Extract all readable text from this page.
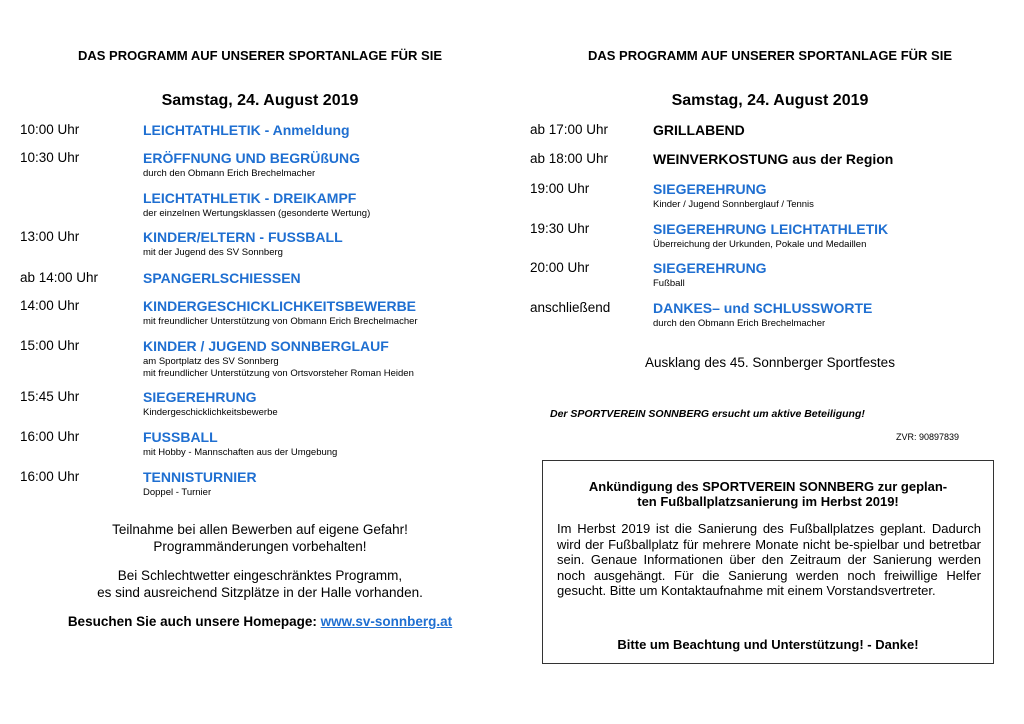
DAS PROGRAMM AUF UNSERER SPORTANLAGE FÜR SIE
Samstag, 24. August 2019
10:00 Uhr	LEICHTATHLETIK - Anmeldung
10:30 Uhr	ERÖFFNUNG UND BEGRÜßUNG
durch den Obmann Erich Brechelmacher
LEICHTATHLETIK - DREIKAMPF
der einzelnen Wertungsklassen (gesonderte Wertung)
13:00 Uhr	KINDER/ELTERN - FUSSBALL
mit der Jugend des SV Sonnberg
ab 14:00 Uhr	SPANGERLSCHIESSEN
14:00 Uhr	KINDERGESCHICKLICHKEITSBEWERBE
mit freundlicher Unterstützung von Obmann Erich Brechelmacher
15:00 Uhr	KINDER / JUGEND SONNBERGLAUF
am Sportplatz des SV Sonnberg
mit freundlicher Unterstützung von Ortsvorsteher Roman Heiden
15:45 Uhr	SIEGEREHRUNG
Kindergeschicklichkeitsbewerbe
16:00 Uhr	FUSSBALL
mit Hobby - Mannschaften aus der Umgebung
16:00 Uhr	TENNISTURNIER
Doppel - Turnier
Teilnahme bei allen Bewerben auf eigene Gefahr!
Programmänderungen vorbehalten!
Bei Schlechtwetter eingeschränktes Programm,
es sind ausreichend Sitzplätze in der Halle vorhanden.
Besuchen Sie auch unsere Homepage: www.sv-sonnberg.at
DAS PROGRAMM AUF UNSERER SPORTANLAGE FÜR SIE
Samstag, 24. August 2019
ab 17:00 Uhr	GRILLABEND
ab 18:00 Uhr	WEINVERKOSTUNG aus der Region
19:00 Uhr	SIEGEREHRUNG
Kinder / Jugend Sonnberglauf / Tennis
19:30 Uhr	SIEGEREHRUNG LEICHTATHLETIK
Überreichung der Urkunden, Pokale und Medaillen
20:00 Uhr	SIEGEREHRUNG
Fußball
anschließend	DANKES– und SCHLUSSWORTE
durch den Obmann Erich Brechelmacher
Ausklang des 45. Sonnberger Sportfestes
Der SPORTVEREIN SONNBERG ersucht um aktive Beteiligung!
ZVR: 90897839
Ankündigung des SPORTVEREIN SONNBERG zur geplan-
ten Fußballplatzsanierung im Herbst 2019!
Im Herbst 2019 ist die Sanierung des Fußballplatzes geplant. Dadurch wird der Fußballplatz für mehrere Monate nicht be-spielbar und betretbar sein. Genaue Informationen über den Zeitraum der Sanierung werden noch ausgehängt. Für die Sanierung werden noch freiwillige Helfer gesucht. Bitte um Kontaktaufnahme mit einem Vorstandsvertreter.
Bitte um Beachtung und Unterstützung! - Danke!
